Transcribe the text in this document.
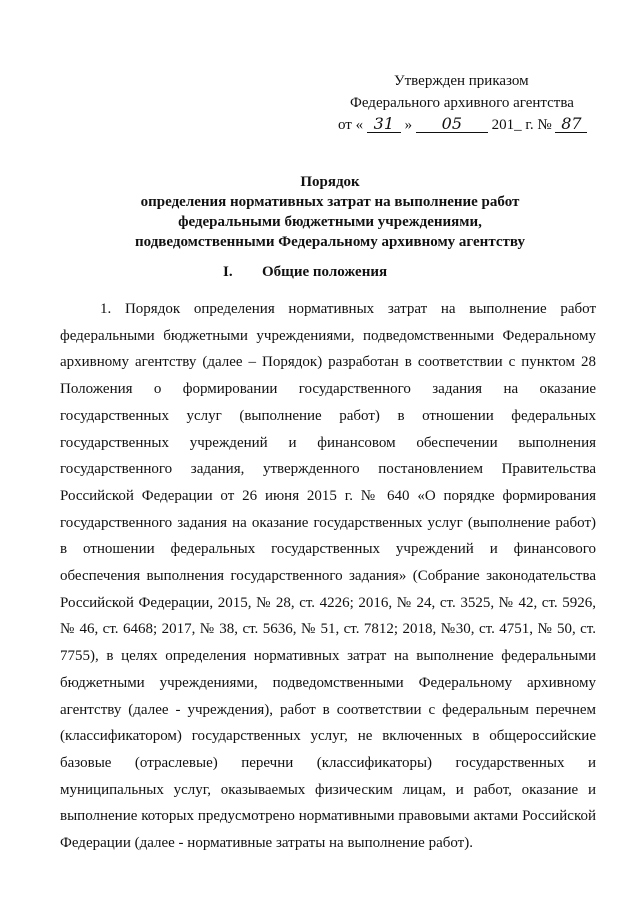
Утвержден приказом
Федерального архивного агентства
от « 31 » 05 201_ г. № 87
Порядок
определения нормативных затрат на выполнение работ
федеральными бюджетными учреждениями,
подведомственными Федеральному архивному агентству
I. Общие положения

1. Порядок определения нормативных затрат на выполнение работ федеральными бюджетными учреждениями, подведомственными Федеральному архивному агентству (далее – Порядок) разработан в соответствии с пунктом 28 Положения о формировании государственного задания на оказание государственных услуг (выполнение работ) в отношении федеральных государственных учреждений и финансовом обеспечении выполнения государственного задания, утвержденного постановлением Правительства Российской Федерации от 26 июня 2015 г. № 640 «О порядке формирования государственного задания на оказание государственных услуг (выполнение работ) в отношении федеральных государственных учреждений и финансового обеспечения выполнения государственного задания» (Собрание законодательства Российской Федерации, 2015, № 28, ст. 4226; 2016, № 24, ст. 3525, № 42, ст. 5926, № 46, ст. 6468; 2017, № 38, ст. 5636, № 51, ст. 7812; 2018, №30, ст. 4751, № 50, ст. 7755), в целях определения нормативных затрат на выполнение федеральными бюджетными учреждениями, подведомственными Федеральному архивному агентству (далее - учреждения), работ в соответствии с федеральным перечнем (классификатором) государственных услуг, не включенных в общероссийские базовые (отраслевые) перечни (классификаторы) государственных и муниципальных услуг, оказываемых физическим лицам, и работ, оказание и выполнение которых предусмотрено нормативными правовыми актами Российской Федерации (далее - нормативные затраты на выполнение работ).
